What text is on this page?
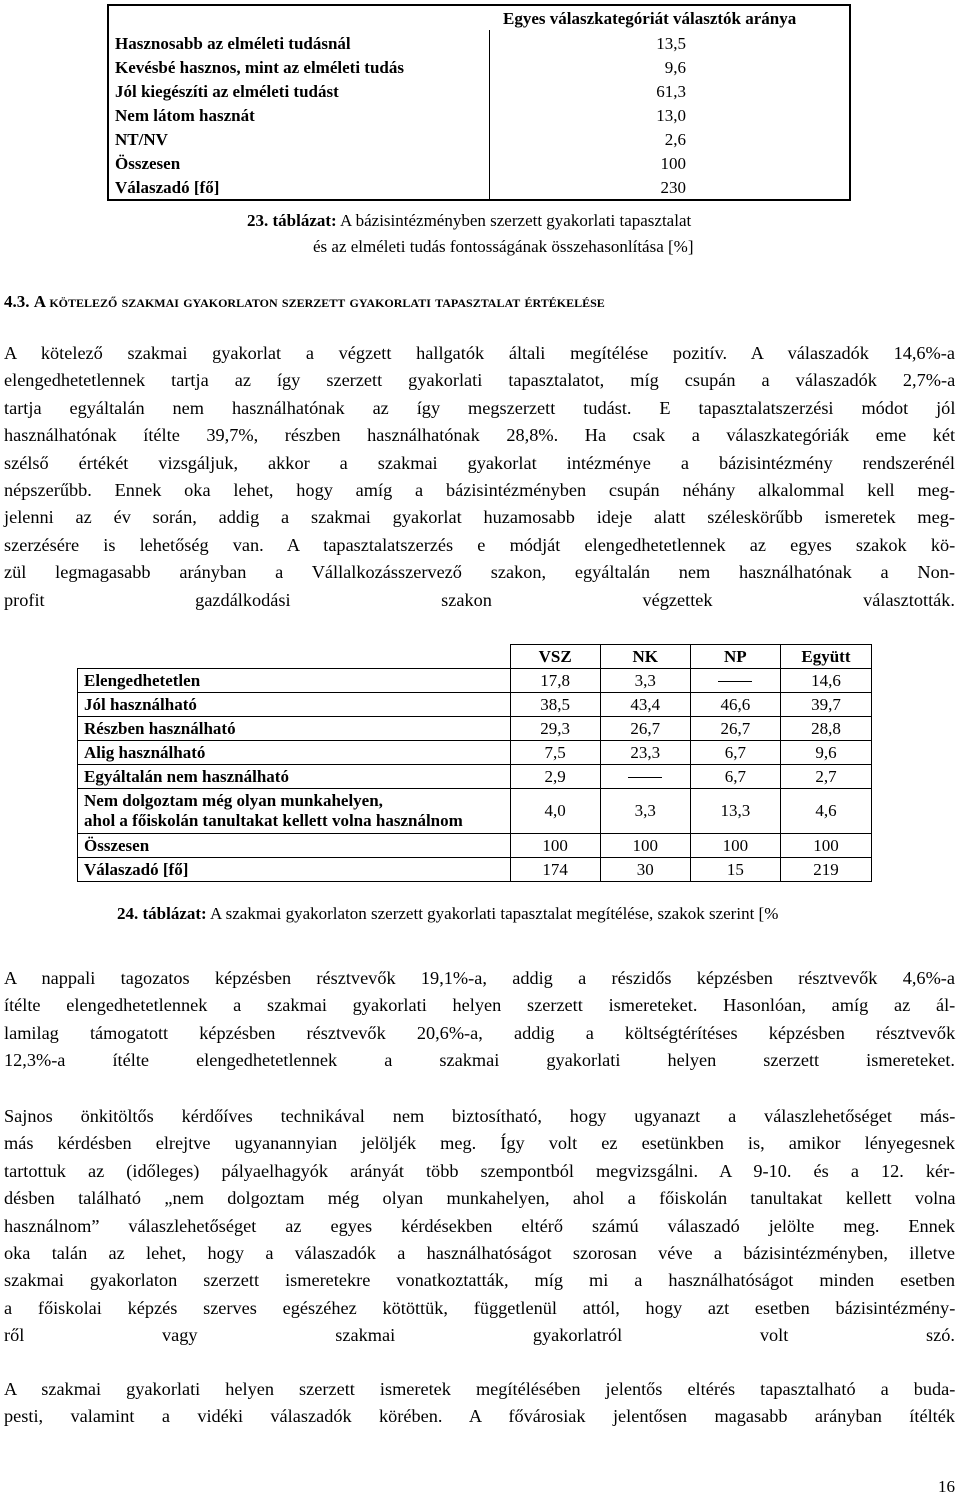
Egyes válaszkategóriát választók aránya
Hasznosabb az elméleti tudásnál	13,5
Kevésbé hasznos, mint az elméleti tudás	9,6
Jól kiegészíti az elméleti tudást	61,3
Nem látom hasznát	13,0
NT/NV	2,6
Összesen	100
Válaszadó [fő]	230
23. táblázat: A bázisintézményben szerzett gyakorlati tapasztalat
és az elméleti tudás fontosságának összehasonlítása [%]
4.3. A kötelező szakmai gyakorlaton szerzett gyakorlati tapasztalat értékelése
A kötelező szakmai gyakorlat a végzett hallgatók általi megítélése pozitív. A válaszadók 14,6%-a
elengedhetetlennek tartja az így szerzett gyakorlati tapasztalatot, míg csupán a válaszadók 2,7%-a
tartja egyáltalán nem használhatónak az így megszerzett tudást. E tapasztalatszerzési módot jól
használhatónak ítélte 39,7%, részben használhatónak 28,8%. Ha csak a válaszkategóriák eme két
szélső értékét vizsgáljuk, akkor a szakmai gyakorlat intézménye a bázisintézmény rendszerénél
népszerűbb. Ennek oka lehet, hogy amíg a bázisintézményben csupán néhány alkalommal kell meg-
jelenni az év során, addig a szakmai gyakorlat huzamosabb ideje alatt széleskörűbb ismeretek meg-
szerzésére is lehetőség van. A tapasztalatszerzés e módját elengedhetetlennek az egyes szakok kö-
zül legmagasabb arányban a Vállalkozásszervező szakon, egyáltalán nem használhatónak a Non-
profit gazdálkodási szakon végzettek választották.
	VSZ	NK	NP	Együtt
Elengedhetetlen	17,8	3,3		14,6
Jól használható	38,5	43,4	46,6	39,7
Részben használható	29,3	26,7	26,7	28,8
Alig használható	7,5	23,3	6,7	9,6
Egyáltalán nem használható	2,9		6,7	2,7

Nem dolgoztam még olyan munkahelyen,
ahol a főiskolán tanultakat kellett volna használnom	4,0	3,3	13,3	4,6
Összesen	100	100	100	100
Válaszadó [fő]	174	30	15	219
24. táblázat: A szakmai gyakorlaton szerzett gyakorlati tapasztalat megítélése, szakok szerint [%
A nappali tagozatos képzésben résztvevők 19,1%-a, addig a részidős képzésben résztvevők 4,6%-a
ítélte elengedhetetlennek a szakmai gyakorlati helyen szerzett ismereteket. Hasonlóan, amíg az ál-
lamilag támogatott képzésben résztvevők 20,6%-a, addig a költségtérítéses képzésben résztvevők
12,3%-a ítélte elengedhetetlennek a szakmai gyakorlati helyen szerzett ismereteket.
Sajnos önkitöltős kérdőíves technikával nem biztosítható, hogy ugyanazt a válaszlehetőséget más-
más kérdésben elrejtve ugyanannyian jelöljék meg. Így volt ez esetünkben is, amikor lényegesnek
tartottuk az (időleges) pályaelhagyók arányát több szempontból megvizsgálni. A 9-10. és a 12. kér-
désben található „nem dolgoztam még olyan munkahelyen, ahol a főiskolán tanultakat kellett volna
használnom” válaszlehetőséget az egyes kérdésekben eltérő számú válaszadó jelölte meg. Ennek
oka talán az lehet, hogy a válaszadók a használhatóságot szorosan véve a bázisintézményben, illetve
szakmai gyakorlaton szerzett ismeretekre vonatkoztatták, míg mi a használhatóságot minden esetben
a főiskolai képzés szerves egészéhez kötöttük, függetlenül attól, hogy azt esetben bázisintézmény-
ről vagy szakmai gyakorlatról volt szó.
A szakmai gyakorlati helyen szerzett ismeretek megítélésében jelentős eltérés tapasztalható a buda-
pesti, valamint a vidéki válaszadók körében. A fővárosiak jelentősen magasabb arányban ítélték
16
